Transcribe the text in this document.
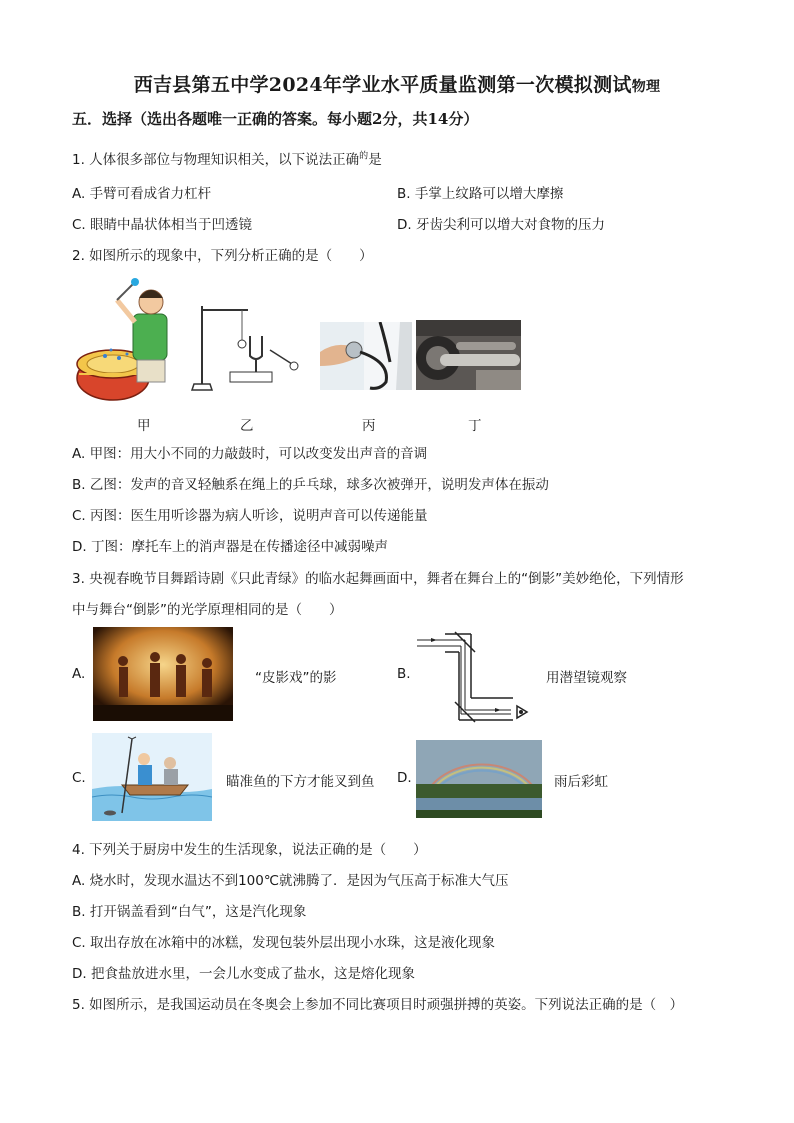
西吉县第五中学2024年学业水平质量监测第一次模拟测试物理
五．选择（选出各题唯一正确的答案。每小题2分，共14分）
1. 人体很多部位与物理知识相关，以下说法正确$^的$是
A. 手臂可看成省力杠杆	B. 手掌上纹路可以增大摩擦
C. 眼睛中晶状体相当于凹透镜	D. 牙齿尖利可以增大对食物的压力
2. 如图所示的现象中，下列分析正确的是（　　）
甲	乙	丙	丁
A. 甲图：用大小不同的力敲鼓时，可以改变发出声音的音调
B. 乙图：发声的音叉轻触系在绳上的乒乓球，球多次被弹开，说明发声体在振动
C. 丙图：医生用听诊器为病人听诊，说明声音可以传递能量
D. 丁图：摩托车上的消声器是在传播途径中减弱噪声
3. 央视春晚节目舞蹈诗剧《只此青绿》的临水起舞画面中，舞者在舞台上的“倒影”美妙绝伦，下列情形
中与舞台“倒影”的光学原理相同的是（　　）
A.	“皮影戏”的影	B.	用潜望镜观察
C.	瞄准鱼的下方才能叉到鱼 D.	雨后彩虹
4. 下列关于厨房中发生的生活现象，说法正确的是（　　）
A. 烧水时，发现水温达不到100℃就沸腾了．是因为气压高于标准大气压
B. 打开锅盖看到“白气”，这是汽化现象
C. 取出存放在冰箱中的冰糕，发现包装外层出现小水珠，这是液化现象
D. 把食盐放进水里，一会儿水变成了盐水，这是熔化现象
5. 如图所示，是我国运动员在冬奥会上参加不同比赛项目时顽强拼搏的英姿。下列说法正确的是（　）
